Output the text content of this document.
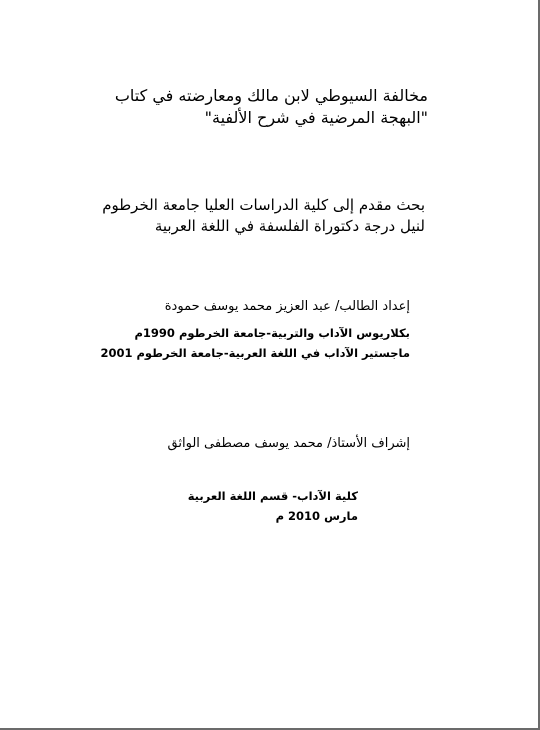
مخالفة السيوطي لابن مالك ومعارضته في كتاب

"البهجة المرضية في شرح الألفية"

بحث مقدم إلى كلية الدراسات العليا جامعة الخرطوم

لنيل درجة دكتوراة الفلسفة في اللغة العربية

إعداد الطالب/ عبد العزيز محمد يوسف حمودة

بكلاريوس الآداب والتربية-جامعة الخرطوم 1990م

ماجستير الآداب في اللغة العربية-جامعة الخرطوم 2001

إشراف الأستاذ/ محمد يوسف مصطفى الواثق

كلية الآداب- قسم اللغة العربية

مارس 2010 م
